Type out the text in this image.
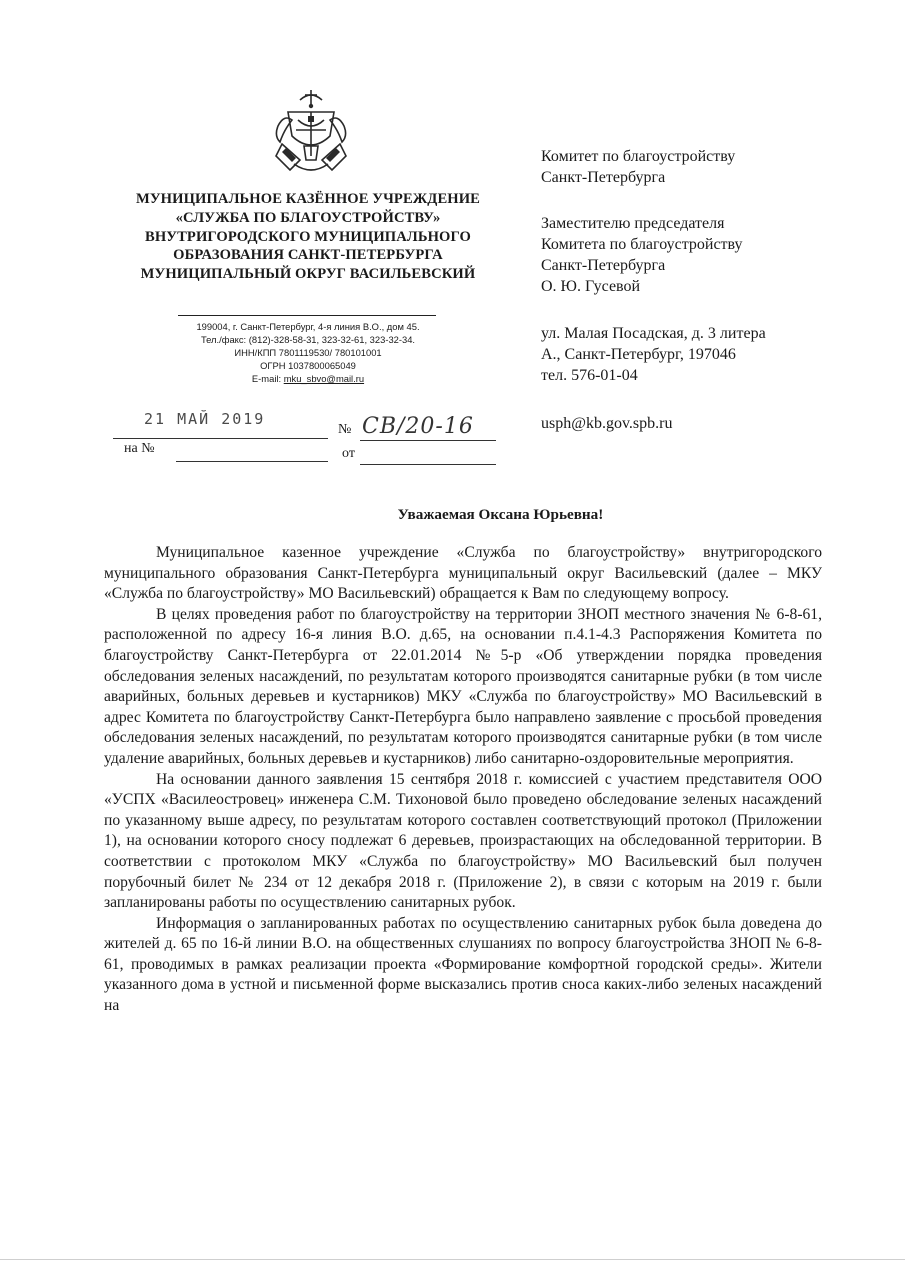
МУНИЦИПАЛЬНОЕ КАЗЁННОЕ УЧРЕЖДЕНИЕ «СЛУЖБА ПО БЛАГОУСТРОЙСТВУ» ВНУТРИГОРОДСКОГО МУНИЦИПАЛЬНОГО ОБРАЗОВАНИЯ САНКТ-ПЕТЕРБУРГА МУНИЦИПАЛЬНЫЙ ОКРУГ ВАСИЛЬЕВСКИЙ
199004, г. Санкт-Петербург, 4-я линия В.О., дом 45.
Тел./факс: (812)-328-58-31, 323-32-61, 323-32-34.
ИНН/КПП 7801119530/ 780101001
ОГРН 1037800065049
E-mail: mku_sbvo@mail.ru
21 МАЙ 2019
№ СВ/20-16
на №	от

Комитет по благоустройству

Санкт-Петербурга

Заместителю председателя

Комитета по благоустройству

Санкт-Петербурга

О. Ю. Гусевой

ул. Малая Посадская, д. 3 литера

А., Санкт-Петербург, 197046

тел. 576-01-04

usph@kb.gov.spb.ru

Уважаемая Оксана Юрьевна!

Муниципальное казенное учреждение «Служба по благоустройству» внутригородского муниципального образования Санкт-Петербурга муниципальный округ Васильевский (далее – МКУ «Служба по благоустройству» МО Васильевский) обращается к Вам по следующему вопросу.

В целях проведения работ по благоустройству на территории ЗНОП местного значения № 6-8-61, расположенной по адресу 16-я линия В.О. д.65, на основании п.4.1-4.3 Распоряжения Комитета по благоустройству Санкт-Петербурга от 22.01.2014 №5-р «Об утверждении порядка проведения обследования зеленых насаждений, по результатам которого производятся санитарные рубки (в том числе аварийных, больных деревьев и кустарников) МКУ «Служба по благоустройству» МО Васильевский в адрес Комитета по благоустройству Санкт-Петербурга было направлено заявление с просьбой проведения обследования зеленых насаждений, по результатам которого производятся санитарные рубки (в том числе удаление аварийных, больных деревьев и кустарников) либо санитарно-оздоровительные мероприятия.

На основании данного заявления 15 сентября 2018 г. комиссией с участием представителя ООО «УСПХ «Василеостровец» инженера С.М. Тихоновой было проведено обследование зеленых насаждений по указанному выше адресу, по результатам которого составлен соответствующий протокол (Приложении 1), на основании которого сносу подлежат 6 деревьев, произрастающих на обследованной территории. В соответствии с протоколом МКУ «Служба по благоустройству» МО Васильевский был получен порубочный билет № 234 от 12 декабря 2018 г. (Приложение 2), в связи с которым на 2019 г. были запланированы работы по осуществлению санитарных рубок.

Информация о запланированных работах по осуществлению санитарных рубок была доведена до жителей д. 65 по 16-й линии В.О. на общественных слушаниях по вопросу благоустройства ЗНОП № 6-8-61, проводимых в рамках реализации проекта «Формирование комфортной городской среды». Жители указанного дома в устной и письменной форме высказались против сноса каких-либо зеленых насаждений на
